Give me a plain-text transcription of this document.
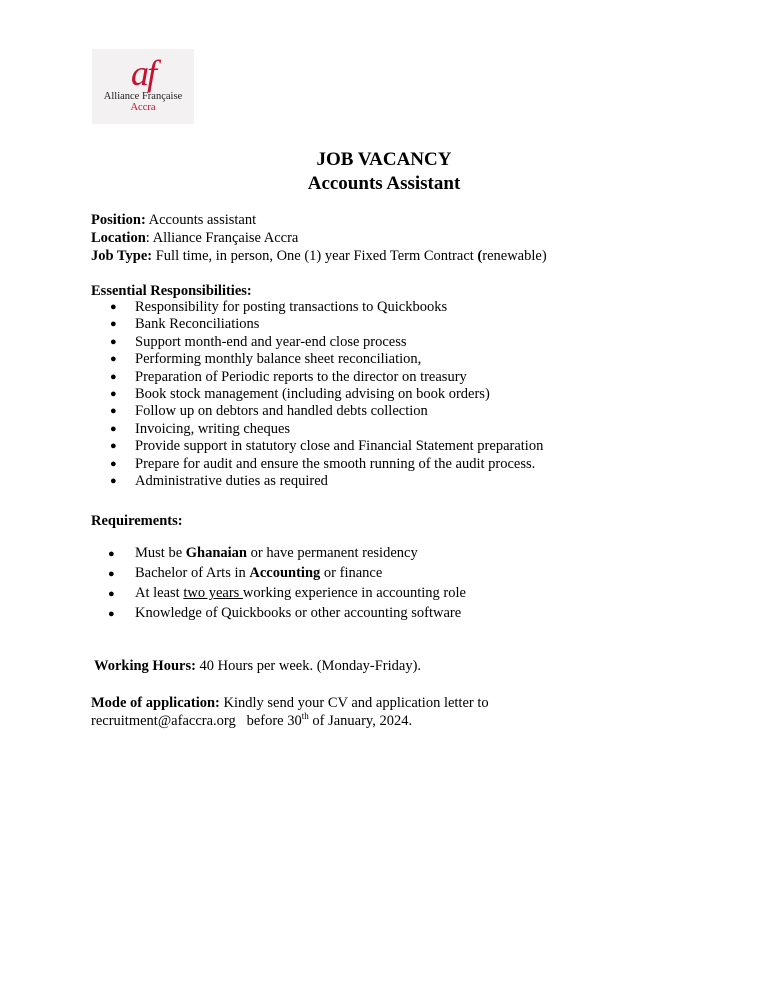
af
Alliance Française
Accra
JOB VACANCY
Accounts Assistant
Position: Accounts assistant
Location: Alliance Française Accra
Job Type: Full time, in person, One (1) year Fixed Term Contract (renewable)
Essential Responsibilities:
● Responsibility for posting transactions to Quickbooks
● Bank Reconciliations
● Support month-end and year-end close process
● Performing monthly balance sheet reconciliation,
● Preparation of Periodic reports to the director on treasury
● Book stock management (including advising on book orders)
● Follow up on debtors and handled debts collection
● Invoicing, writing cheques
● Provide support in statutory close and Financial Statement preparation
● Prepare for audit and ensure the smooth running of the audit process.
● Administrative duties as required
Requirements:
● Must be Ghanaian or have permanent residency
● Bachelor of Arts in Accounting or finance
● At least two years working experience in accounting role
● Knowledge of Quickbooks or other accounting software
Working Hours: 40 Hours per week. (Monday-Friday).
Mode of application: Kindly send your CV and application letter to
recruitment@afaccra.org   before 30th of January, 2024.
